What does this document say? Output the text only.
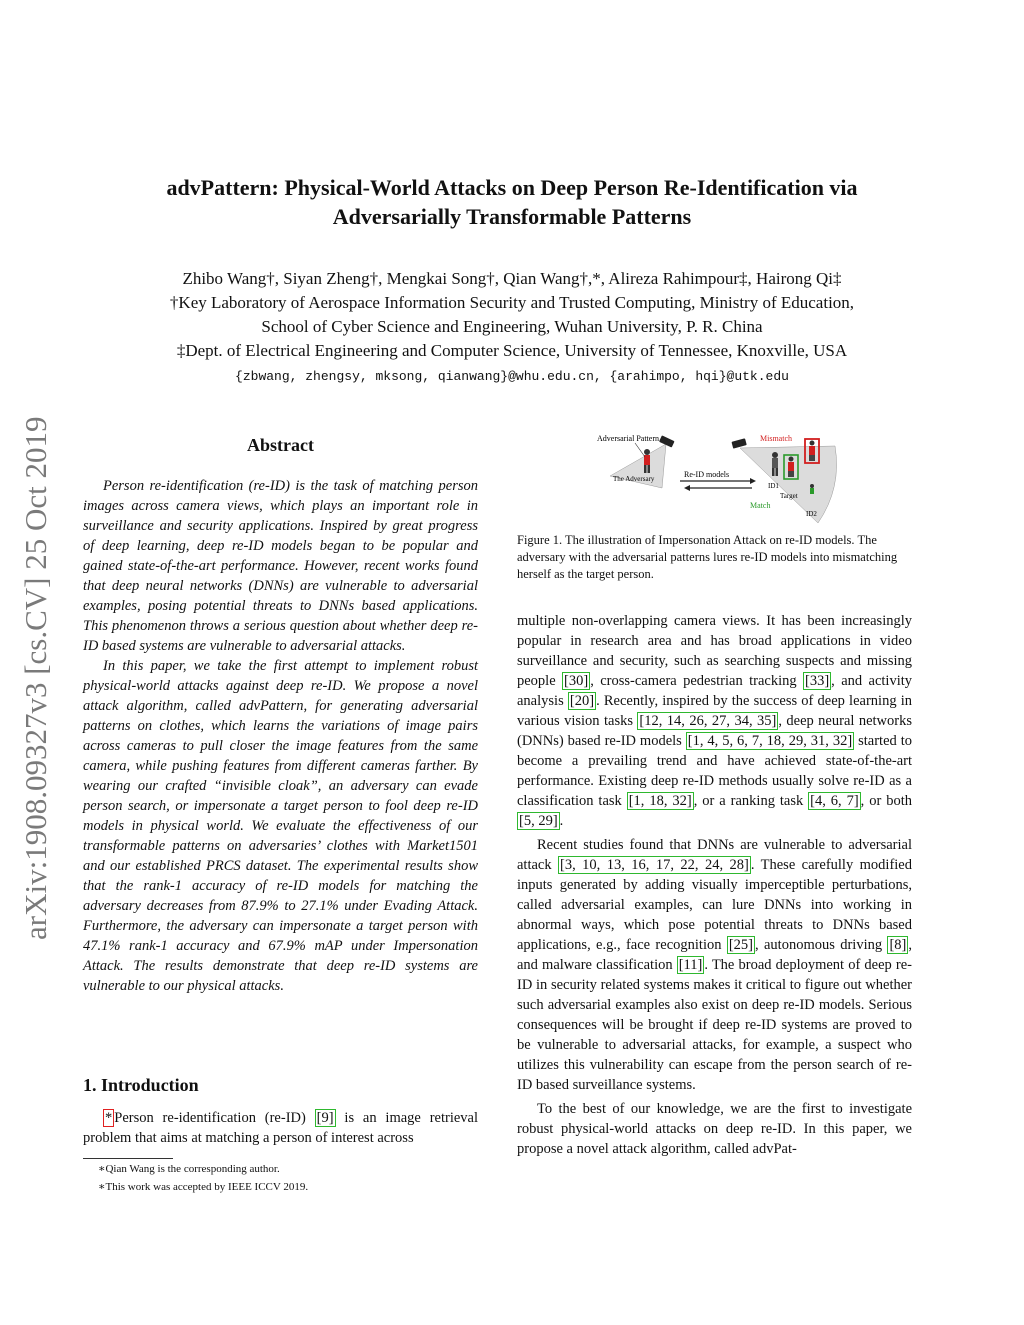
arXiv:1908.09327v3 [cs.CV] 25 Oct 2019
advPattern: Physical-World Attacks on Deep Person Re-Identification via
Adversarially Transformable Patterns
Zhibo Wang†, Siyan Zheng†, Mengkai Song†, Qian Wang†,*, Alireza Rahimpour‡, Hairong Qi‡
†Key Laboratory of Aerospace Information Security and Trusted Computing, Ministry of Education,
School of Cyber Science and Engineering, Wuhan University, P. R. China
‡Dept. of Electrical Engineering and Computer Science, University of Tennessee, Knoxville, USA
{zbwang, zhengsy, mksong, qianwang}@whu.edu.cn, {arahimpo, hqi}@utk.edu
Abstract

Person re-identification (re-ID) is the task of matching person images across camera views, which plays an important role in surveillance and security applications. Inspired by great progress of deep learning, deep re-ID models began to be popular and gained state-of-the-art performance. However, recent works found that deep neural networks (DNNs) are vulnerable to adversarial examples, posing potential threats to DNNs based applications. This phenomenon throws a serious question about whether deep re-ID based systems are vulnerable to adversarial attacks.

In this paper, we take the first attempt to implement robust physical-world attacks against deep re-ID. We propose a novel attack algorithm, called advPattern, for generating adversarial patterns on clothes, which learns the variations of image pairs across cameras to pull closer the image features from the same camera, while pushing features from different cameras farther. By wearing our crafted “invisible cloak”, an adversary can evade person search, or impersonate a target person to fool deep re-ID models in physical world. We evaluate the effectiveness of our transformable patterns on adversaries’ clothes with Market1501 and our established PRCS dataset. The experimental results show that the rank-1 accuracy of re-ID models for matching the adversary decreases from 87.9% to 27.1% under Evading Attack. Furthermore, the adversary can impersonate a target person with 47.1% rank-1 accuracy and 67.9% mAP under Impersonation Attack. The results demonstrate that deep re-ID systems are vulnerable to our physical attacks.

1. Introduction

* Person re-identification (re-ID) [9] is an image retrieval problem that aims at matching a person of interest across

∗Qian Wang is the corresponding author.
∗This work was accepted by IEEE ICCV 2019.
Adversarial Pattern
The Adversary	Re-ID models
Mismatch
Match
Target
ID1
ID2
Figure 1. The illustration of Impersonation Attack on re-ID models. The adversary with the adversarial patterns lures re-ID models into mismatching herself as the target person.

multiple non-overlapping camera views. It has been increasingly popular in research area and has broad applications in video surveillance and security, such as searching suspects and missing people [30] , cross-camera pedestrian tracking [33] , and activity analysis [20] . Recently, inspired by the success of deep learning in various vision tasks [12, 14, 26, 27, 34, 35] , deep neural networks (DNNs) based re-ID models [1, 4, 5, 6, 7, 18, 29, 31, 32] started to become a prevailing trend and have achieved state-of-the-art performance. Existing deep re-ID methods usually solve re-ID as a classification task [1, 18, 32] , or a ranking task [4, 6, 7] , or both [5, 29] .

Recent studies found that DNNs are vulnerable to adversarial attack [3, 10, 13, 16, 17, 22, 24, 28] . These carefully modified inputs generated by adding visually imperceptible perturbations, called adversarial examples, can lure DNNs into working in abnormal ways, which pose potential threats to DNNs based applications, e.g., face recognition [25] , autonomous driving [8] , and malware classification [11] . The broad deployment of deep re-ID in security related systems makes it critical to figure out whether such adversarial examples also exist on deep re-ID models. Serious consequences will be brought if deep re-ID systems are proved to be vulnerable to adversarial attacks, for example, a suspect who utilizes this vulnerability can escape from the person search of re-ID based surveillance systems.

To the best of our knowledge, we are the first to investigate robust physical-world attacks on deep re-ID. In this paper, we propose a novel attack algorithm, called advPat-
